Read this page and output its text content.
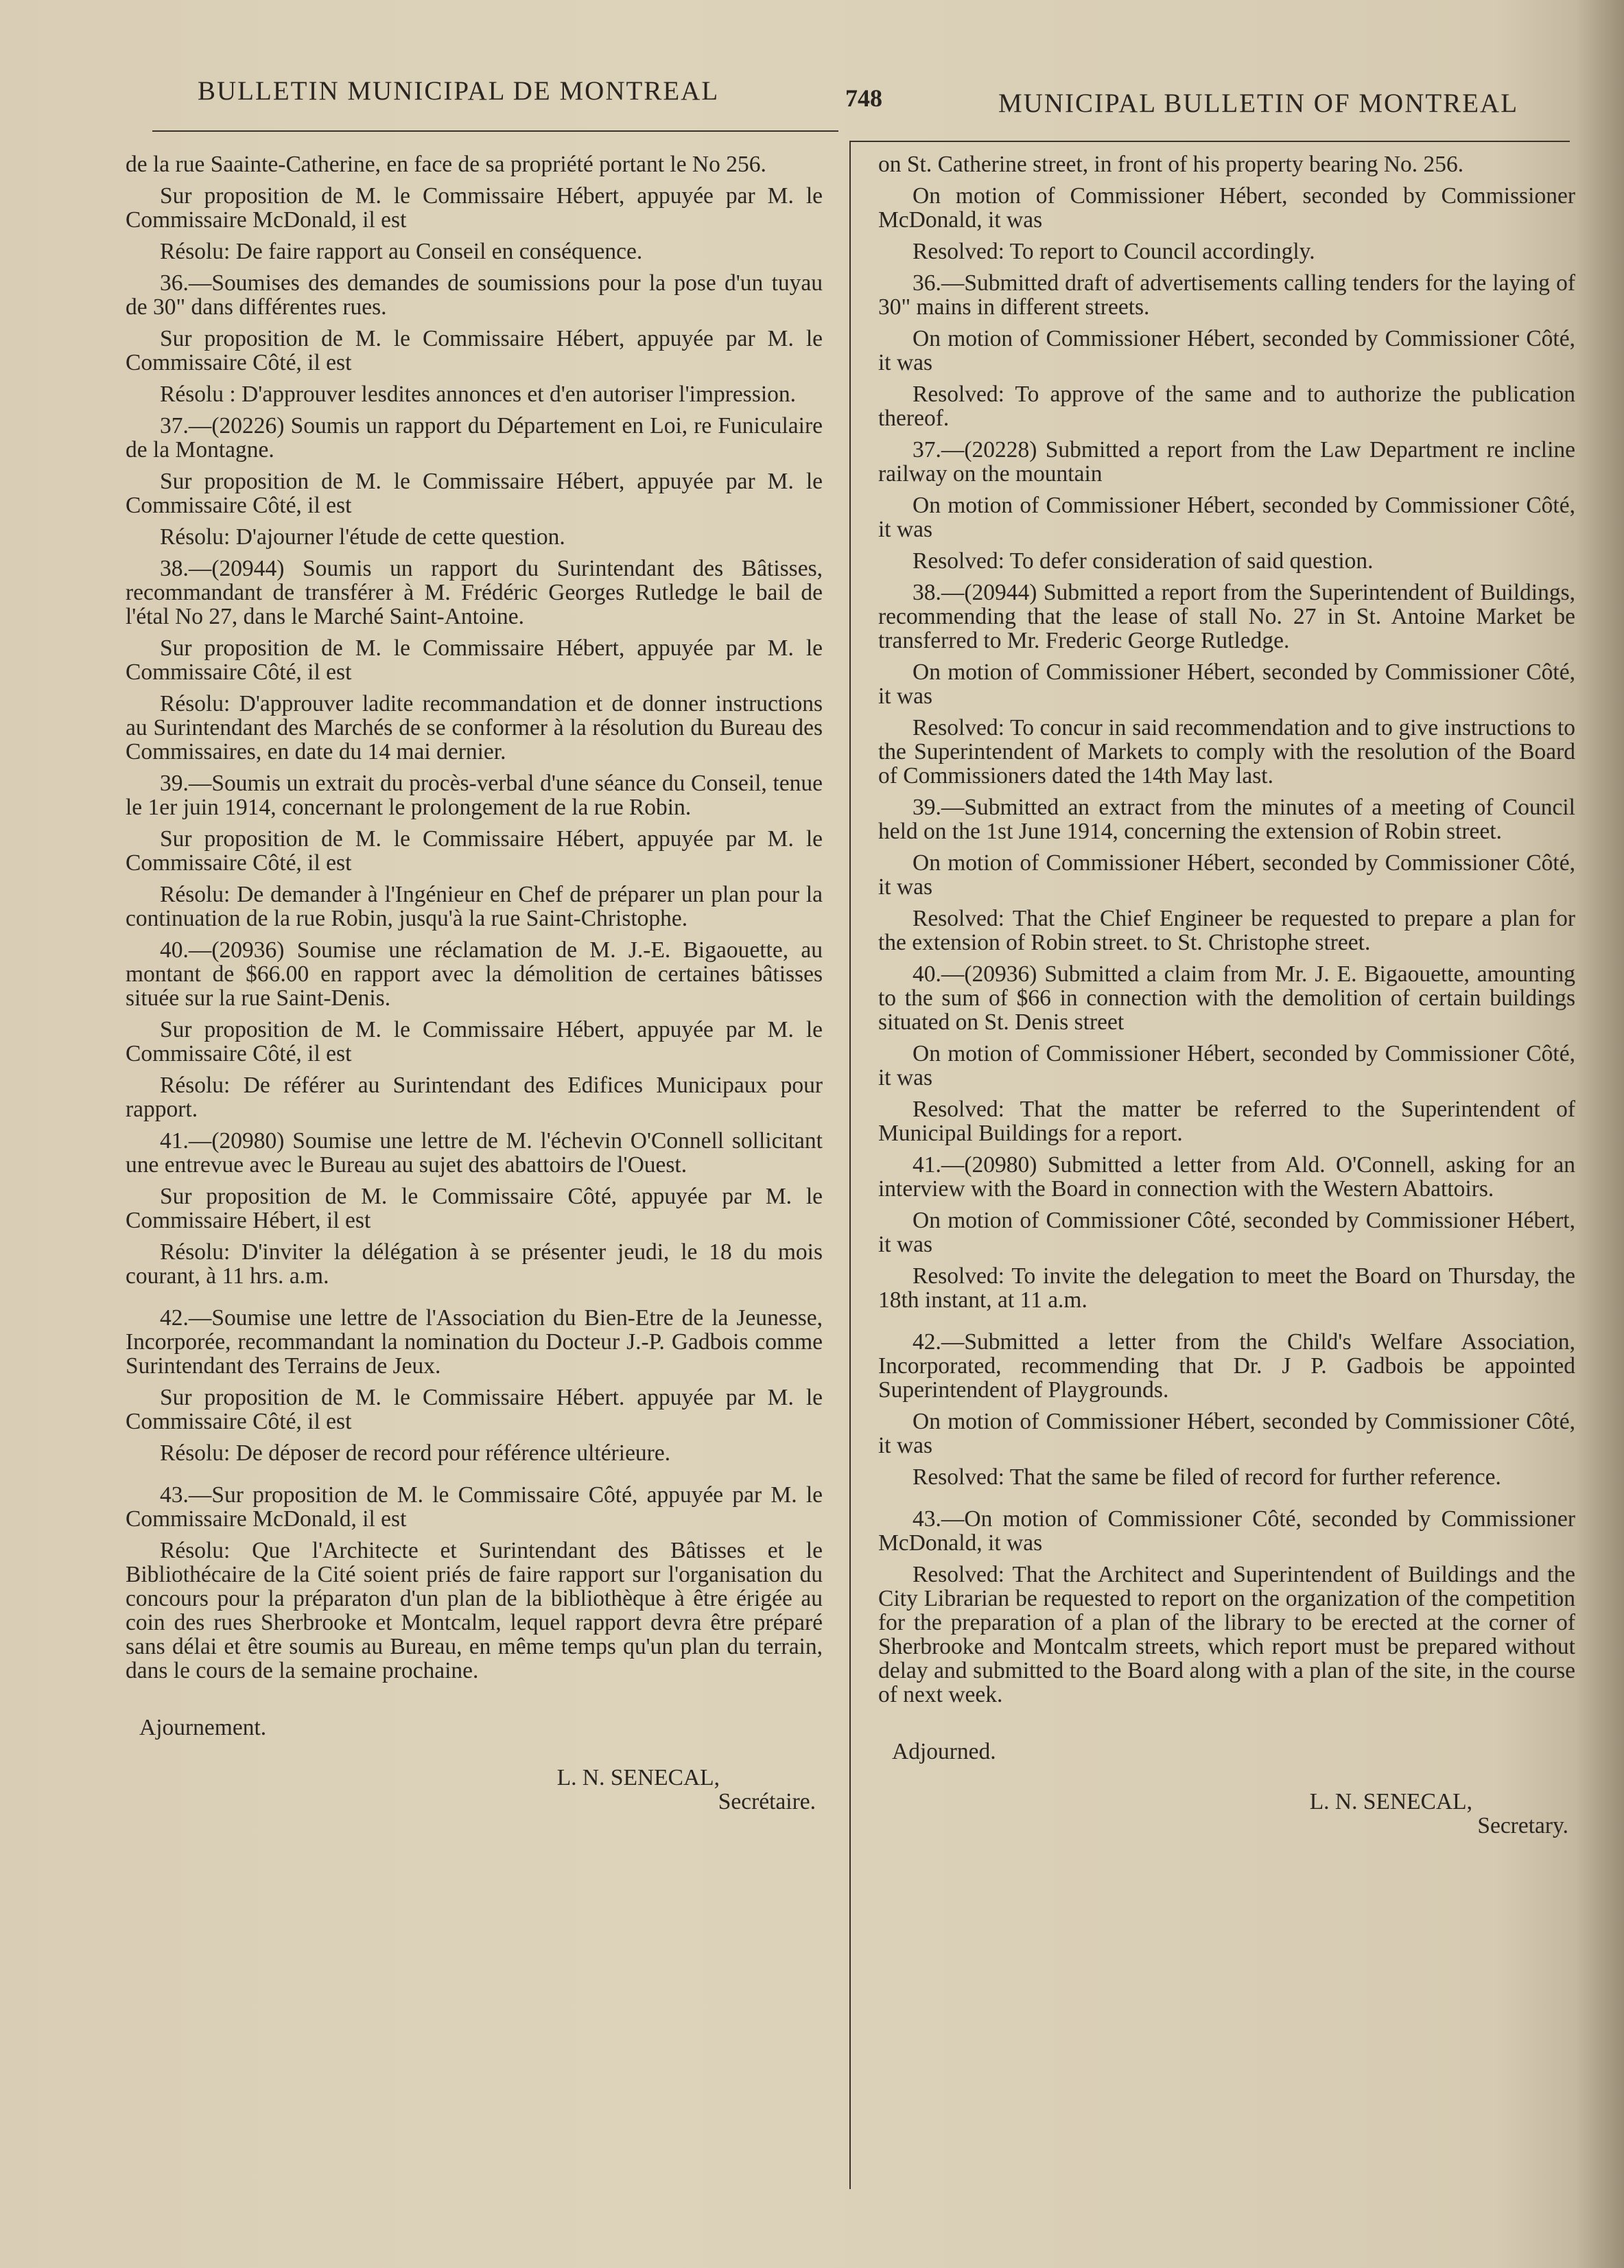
BULLETIN MUNICIPAL DE MONTREAL	748	MUNICIPAL BULLETIN OF MONTREAL

de la rue Saainte-Catherine, en face de sa propriété portant le No 256.

Sur proposition de M. le Commissaire Hébert, appuyée par M. le Commissaire McDonald, il est

Résolu: De faire rapport au Conseil en conséquence.

36.—Soumises des demandes de soumissions pour la pose d'un tuyau de 30" dans différentes rues.

Sur proposition de M. le Commissaire Hébert, appuyée par M. le Commissaire Côté, il est

Résolu : D'approuver lesdites annonces et d'en autoriser l'impression.

37.—(20226) Soumis un rapport du Département en Loi, re Funiculaire de la Montagne.

Sur proposition de M. le Commissaire Hébert, appuyée par M. le Commissaire Côté, il est

Résolu: D'ajourner l'étude de cette question.

38.—(20944) Soumis un rapport du Surintendant des Bâtisses, recommandant de transférer à M. Frédéric Georges Rutledge le bail de l'étal No 27, dans le Marché Saint-Antoine.

Sur proposition de M. le Commissaire Hébert, appuyée par M. le Commissaire Côté, il est

Résolu: D'approuver ladite recommandation et de donner instructions au Surintendant des Marchés de se conformer à la résolution du Bureau des Commissaires, en date du 14 mai dernier.

39.—Soumis un extrait du procès-verbal d'une séance du Conseil, tenue le 1er juin 1914, concernant le prolongement de la rue Robin.

Sur proposition de M. le Commissaire Hébert, appuyée par M. le Commissaire Côté, il est

Résolu: De demander à l'Ingénieur en Chef de préparer un plan pour la continuation de la rue Robin, jusqu'à la rue Saint-Christophe.

40.—(20936) Soumise une réclamation de M. J.-E. Bigaouette, au montant de $66.00 en rapport avec la démolition de certaines bâtisses située sur la rue Saint-Denis.

Sur proposition de M. le Commissaire Hébert, appuyée par M. le Commissaire Côté, il est

Résolu: De référer au Surintendant des Edifices Municipaux pour rapport.

41.—(20980) Soumise une lettre de M. l'échevin O'Connell sollicitant une entrevue avec le Bureau au sujet des abattoirs de l'Ouest.

Sur proposition de M. le Commissaire Côté, appuyée par M. le Commissaire Hébert, il est

Résolu: D'inviter la délégation à se présenter jeudi, le 18 du mois courant, à 11 hrs. a.m.

42.—Soumise une lettre de l'Association du Bien-Etre de la Jeunesse, Incorporée, recommandant la nomination du Docteur J.-P. Gadbois comme Surintendant des Terrains de Jeux.

Sur proposition de M. le Commissaire Hébert. appuyée par M. le Commissaire Côté, il est

Résolu: De déposer de record pour référence ultérieure.

43.—Sur proposition de M. le Commissaire Côté, appuyée par M. le Commissaire McDonald, il est

Résolu: Que l'Architecte et Surintendant des Bâtisses et le Bibliothécaire de la Cité soient priés de faire rapport sur l'organisation du concours pour la préparaton d'un plan de la bibliothèque à être érigée au coin des rues Sherbrooke et Montcalm, lequel rapport devra être préparé sans délai et être soumis au Bureau, en même temps qu'un plan du terrain, dans le cours de la semaine prochaine.

Ajournement.

L. N. SENECAL,
Secrétaire.

on St. Catherine street, in front of his property bearing No. 256.

On motion of Commissioner Hébert, seconded by Commissioner McDonald, it was

Resolved: To report to Council accordingly.

36.—Submitted draft of advertisements calling tenders for the laying of 30" mains in different streets.

On motion of Commissioner Hébert, seconded by Commissioner Côté, it was

Resolved: To approve of the same and to authorize the publication thereof.

37.—(20228) Submitted a report from the Law Department re incline railway on the mountain

On motion of Commissioner Hébert, seconded by Commissioner Côté, it was

Resolved: To defer consideration of said question.

38.—(20944) Submitted a report from the Superintendent of Buildings, recommending that the lease of stall No. 27 in St. Antoine Market be transferred to Mr. Frederic George Rutledge.

On motion of Commissioner Hébert, seconded by Commissioner Côté, it was

Resolved: To concur in said recommendation and to give instructions to the Superintendent of Markets to comply with the resolution of the Board of Commissioners dated the 14th May last.

39.—Submitted an extract from the minutes of a meeting of Council held on the 1st June 1914, concerning the extension of Robin street.

On motion of Commissioner Hébert, seconded by Commissioner Côté, it was

Resolved: That the Chief Engineer be requested to prepare a plan for the extension of Robin street. to St. Christophe street.

40.—(20936) Submitted a claim from Mr. J. E. Bigaouette, amounting to the sum of $66 in connection with the demolition of certain buildings situated on St. Denis street

On motion of Commissioner Hébert, seconded by Commissioner Côté, it was

Resolved: That the matter be referred to the Superintendent of Municipal Buildings for a report.

41.—(20980) Submitted a letter from Ald. O'Connell, asking for an interview with the Board in connection with the Western Abattoirs.

On motion of Commissioner Côté, seconded by Commissioner Hébert, it was

Resolved: To invite the delegation to meet the Board on Thursday, the 18th instant, at 11 a.m.

42.—Submitted a letter from the Child's Welfare Association, Incorporated, recommending that Dr. J P. Gadbois be appointed Superintendent of Playgrounds.

On motion of Commissioner Hébert, seconded by Commissioner Côté, it was

Resolved: That the same be filed of record for further reference.

43.—On motion of Commissioner Côté, seconded by Commissioner McDonald, it was

Resolved: That the Architect and Superintendent of Buildings and the City Librarian be requested to report on the organization of the competition for the preparation of a plan of the library to be erected at the corner of Sherbrooke and Montcalm streets, which report must be prepared without delay and submitted to the Board along with a plan of the site, in the course of next week.

Adjourned.

L. N. SENECAL,
Secretary.
